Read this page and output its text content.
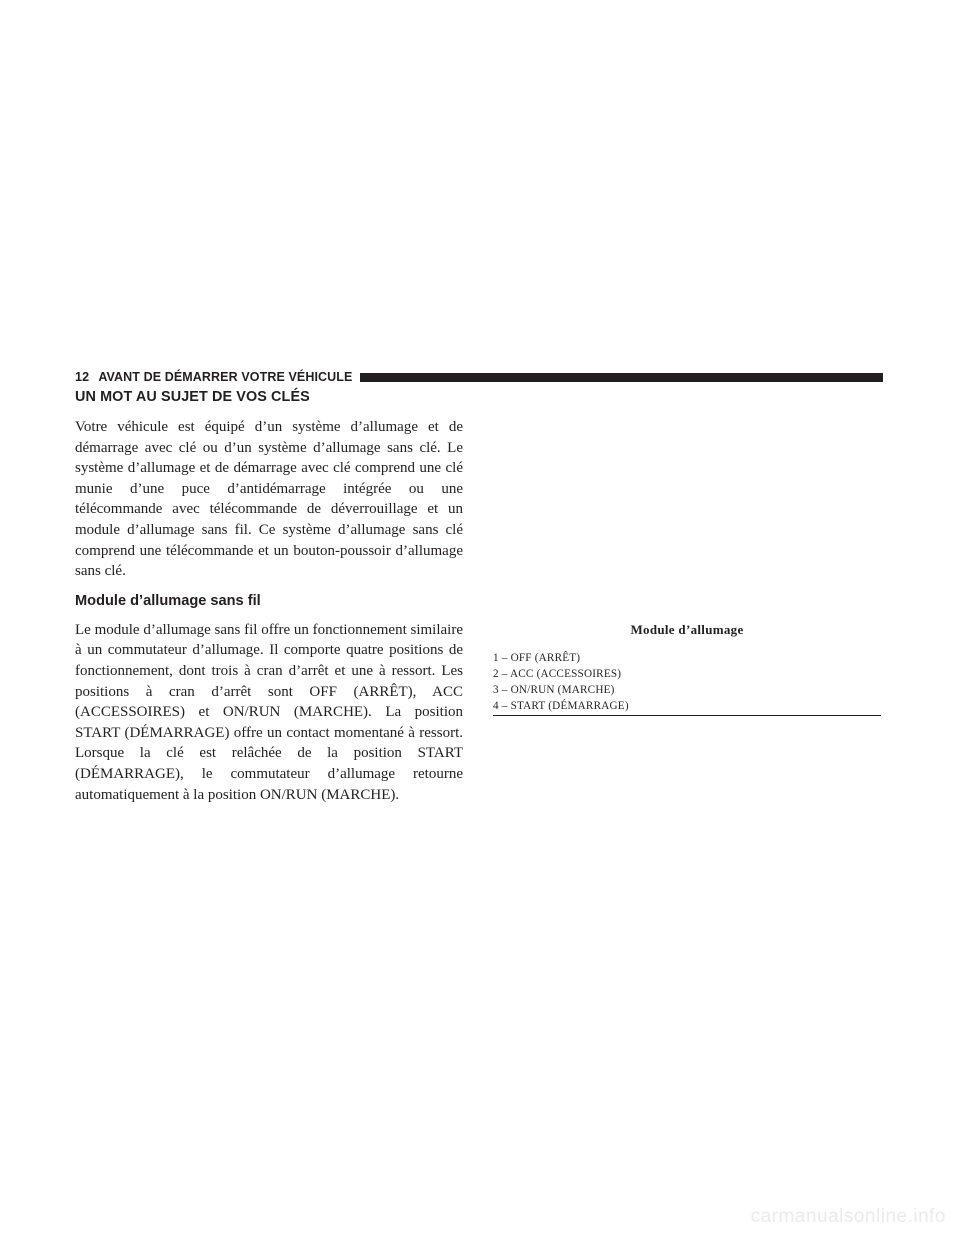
12 AVANT DE DÉMARRER VOTRE VÉHICULE
UN MOT AU SUJET DE VOS CLÉS

Votre véhicule est équipé d’un système d’allumage et de démarrage avec clé ou d’un système d’allumage sans clé. Le système d’allumage et de démarrage avec clé comprend une clé munie d’une puce d’antidémarrage intégrée ou une télécommande avec télécommande de déverrouillage et un module d’allumage sans fil. Ce système d’allumage sans clé comprend une télécommande et un bouton-poussoir d’allumage sans clé.

Module d’allumage sans fil

Le module d’allumage sans fil offre un fonctionnement similaire à un commutateur d’allumage. Il comporte quatre positions de fonctionnement, dont trois à cran d’arrêt et une à ressort. Les positions à cran d’arrêt sont OFF (ARRÊT), ACC (ACCESSOIRES) et ON/RUN (MARCHE). La position START (DÉMARRAGE) offre un contact momentané à ressort. Lorsque la clé est relâchée de la position START (DÉMARRAGE), le commutateur d’allumage retourne automatiquement à la position ON/RUN (MARCHE).

Module d’allumage
1 – OFF (ARRÊT)
2 – ACC (ACCESSOIRES)
3 – ON/RUN (MARCHE)
4 – START (DÉMARRAGE)
carmanualsonline.info
